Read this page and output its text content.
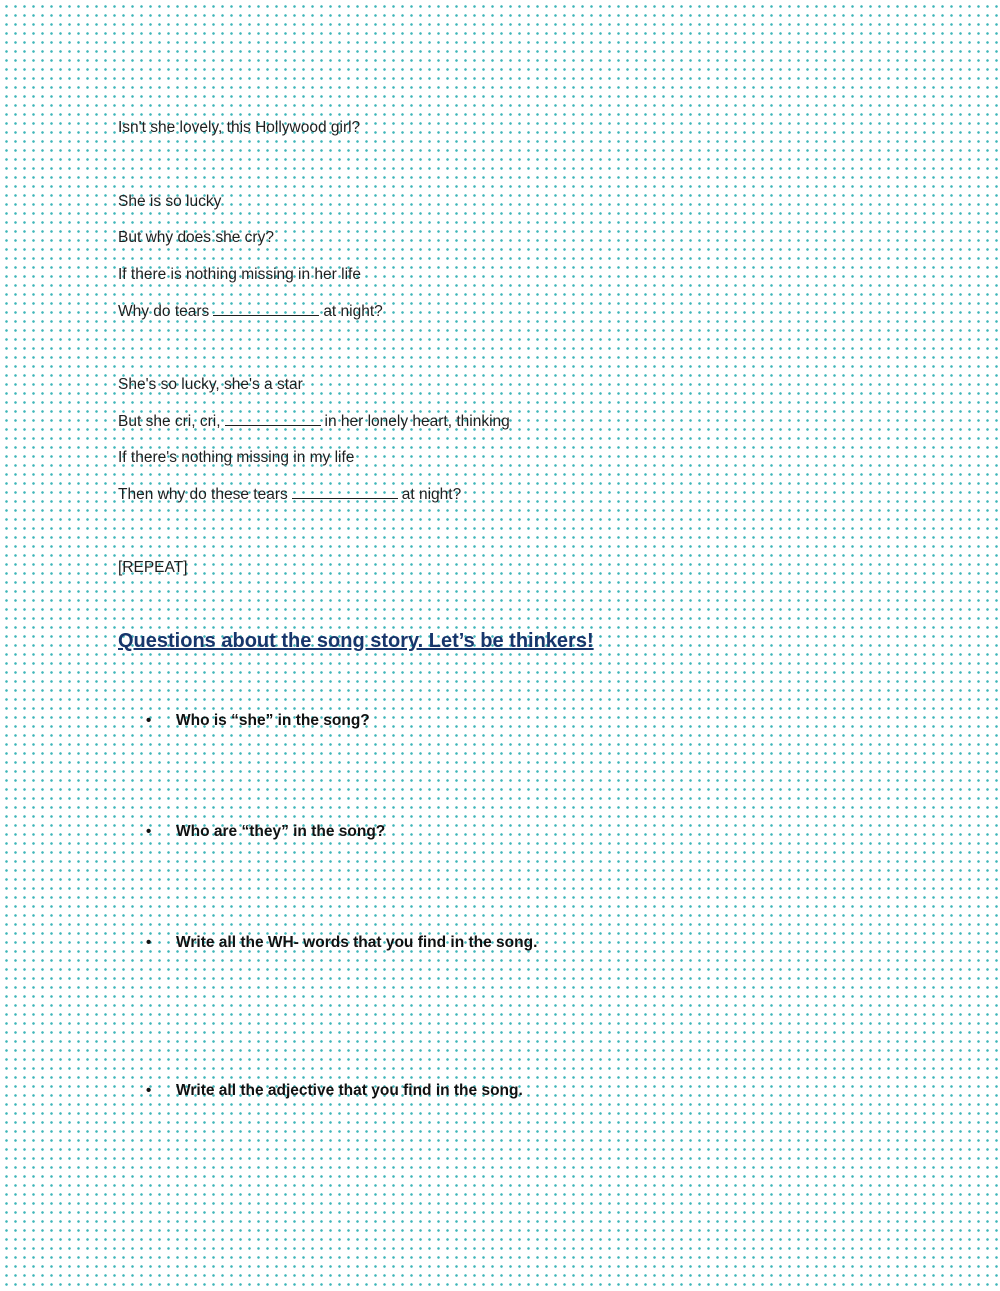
Isn't she lovely, this Hollywood girl?

She is so lucky

But why does she cry?

If there is nothing missing in her life

Why do tears	at night?

She's so lucky, she's a star

But she cri, cri,	in her lonely heart, thinking

If there's nothing missing in my life

Then why do these tears	at night?

[REPEAT]

Questions about the song story. Let’s be thinkers!

• Who is “she” in the song?
• Who are “they” in the song?
• Write all the WH- words that you find in the song.
• Write all the adjective that you find in the song.
